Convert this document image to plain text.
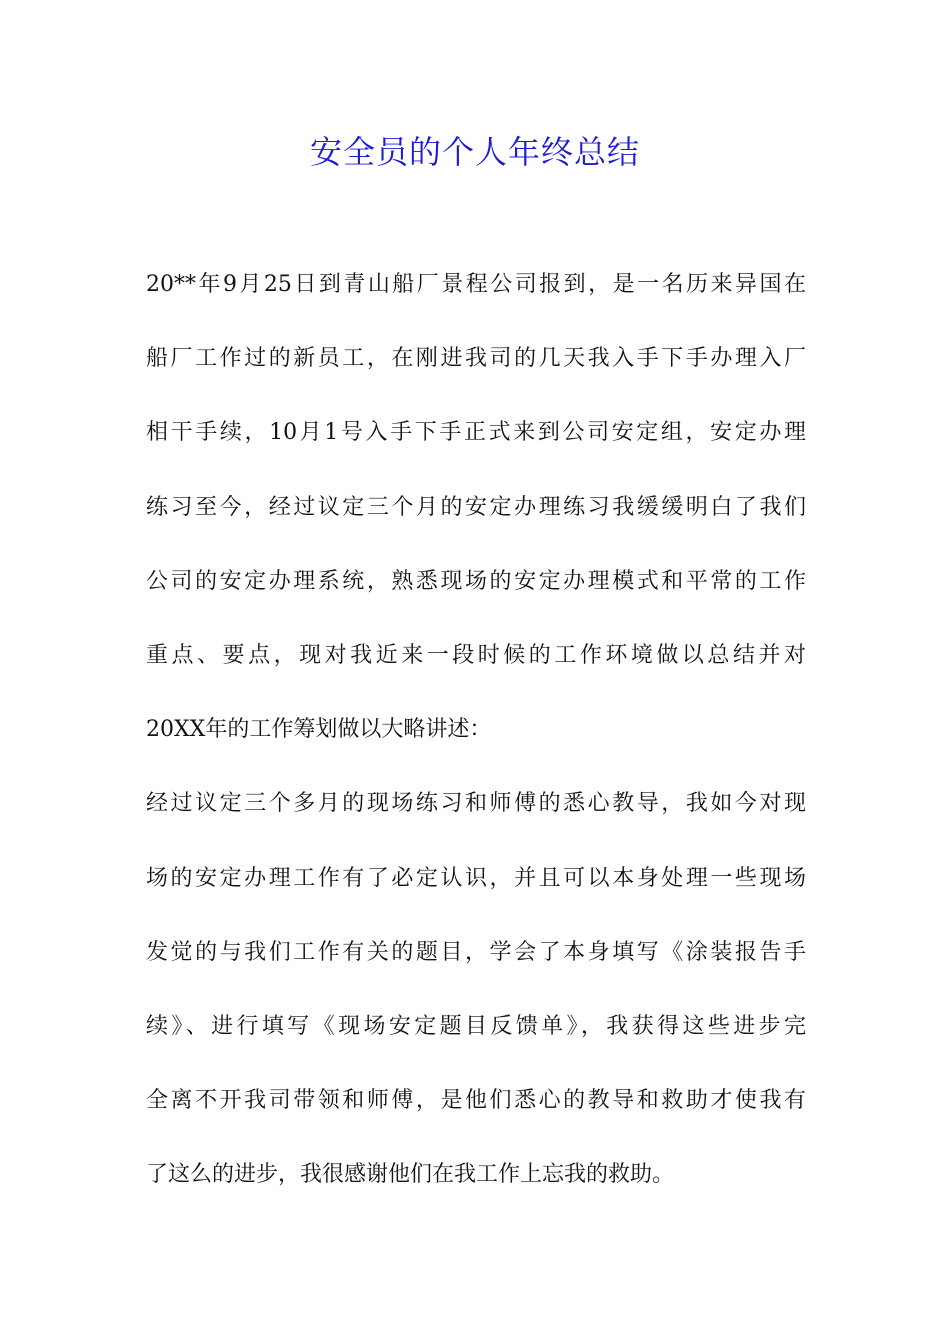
安全员的个人年终总结
20**年9月25日到青山船厂景程公司报到，是一名历来异国在
船厂工作过的新员工，在刚进我司的几天我入手下手办理入厂
相干手续，10月1号入手下手正式来到公司安定组，安定办理
练习至今，经过议定三个月的安定办理练习我缓缓明白了我们
公司的安定办理系统，熟悉现场的安定办理模式和平常的工作
重点、要点，现对我近来一段时候的工作环境做以总结并对
20XX年的工作筹划做以大略讲述：
经过议定三个多月的现场练习和师傅的悉心教导，我如今对现
场的安定办理工作有了必定认识，并且可以本身处理一些现场
发觉的与我们工作有关的题目，学会了本身填写《涂装报告手
续》、进行填写《现场安定题目反馈单》，我获得这些进步完
全离不开我司带领和师傅，是他们悉心的教导和救助才使我有
了这么的进步，我很感谢他们在我工作上忘我的救助。
